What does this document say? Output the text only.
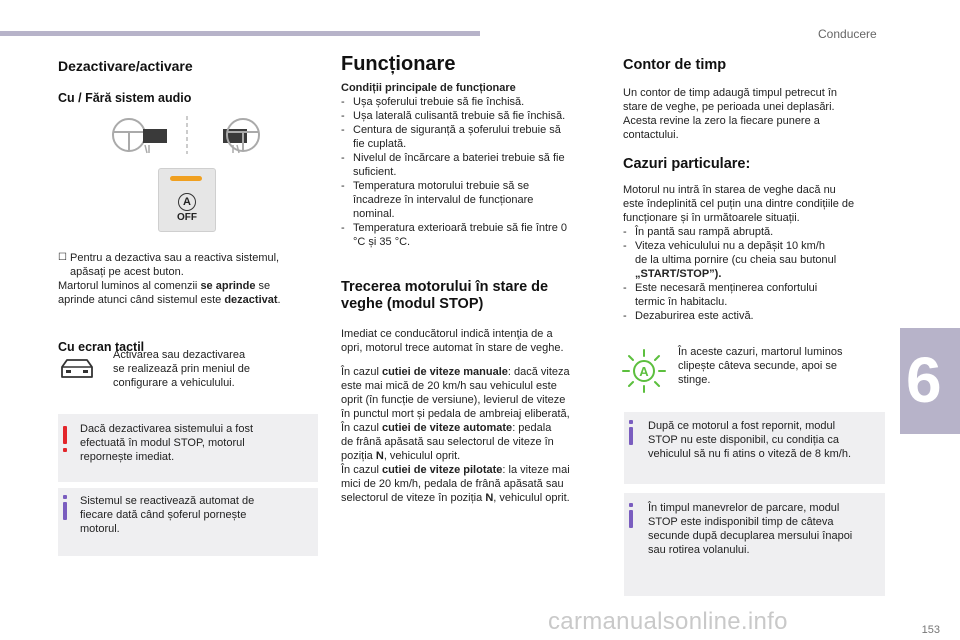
Conducere
Dezactivare/activare
Cu / Fără sistem audio
A
OFF
☐ Pentru a dezactiva sau a reactiva sistemul,
apăsați pe acest buton.
Martorul luminos al comenzii se aprinde se
aprinde atunci când sistemul este dezactivat.
Cu ecran tactil
Activarea sau dezactivarea
se realizează prin meniul de
configurare a vehiculului.
Dacă dezactivarea sistemului a fost
efectuată în modul STOP, motorul
repornește imediat.
Sistemul se reactivează automat de
fiecare dată când șoferul pornește
motorul.
Funcționare
Condiții principale de funcționare
- Ușa șoferului trebuie să fie închisă.
- Ușa laterală culisantă trebuie să fie închisă.
- Centura de siguranță a șoferului trebuie să
fie cuplată.
- Nivelul de încărcare a bateriei trebuie să fie
suficient.
- Temperatura motorului trebuie să se
încadreze în intervalul de funcționare
nominal.
- Temperatura exterioară trebuie să fie între 0
°C și 35 °C.
Trecerea motorului în stare de
veghe (modul STOP)
Imediat ce conducătorul indică intenţia de a
opri, motorul trece automat în stare de veghe.
În cazul cutiei de viteze manuale: dacă viteza
este mai mică de 20 km/h sau vehiculul este
oprit (în funcție de versiune), levierul de viteze
în punctul mort și pedala de ambreiaj eliberată,
În cazul cutiei de viteze automate: pedala
de frână apăsată sau selectorul de viteze în
poziția N, vehiculul oprit.
În cazul cutiei de viteze pilotate: la viteze mai
mici de 20 km/h, pedala de frână apăsată sau
selectorul de viteze în poziția N, vehiculul oprit.
Contor de timp
Un contor de timp adaugă timpul petrecut în
stare de veghe, pe perioada unei deplasări.
Acesta revine la zero la fiecare punere a
contactului.
Cazuri particulare:
Motorul nu intră în starea de veghe dacă nu
este îndeplinită cel puțin una dintre condițiile de
funcționare și în următoarele situații.
- În pantă sau rampă abruptă.
- Viteza vehiculului nu a depășit 10 km/h
de la ultima pornire (cu cheia sau butonul
„START/STOP”).
- Este necesară menținerea confortului
termic în habitaclu.
- Dezaburirea este activă.
A
În aceste cazuri, martorul luminos
clipește câteva secunde, apoi se
stinge.
După ce motorul a fost repornit, modul
STOP nu este disponibil, cu condiția ca
vehiculul să nu fi atins o viteză de 8 km/h.
În timpul manevrelor de parcare, modul
STOP este indisponibil timp de câteva
secunde după decuplarea mersului înapoi
sau rotirea volanului.
6
carmanualsonline.info	153
